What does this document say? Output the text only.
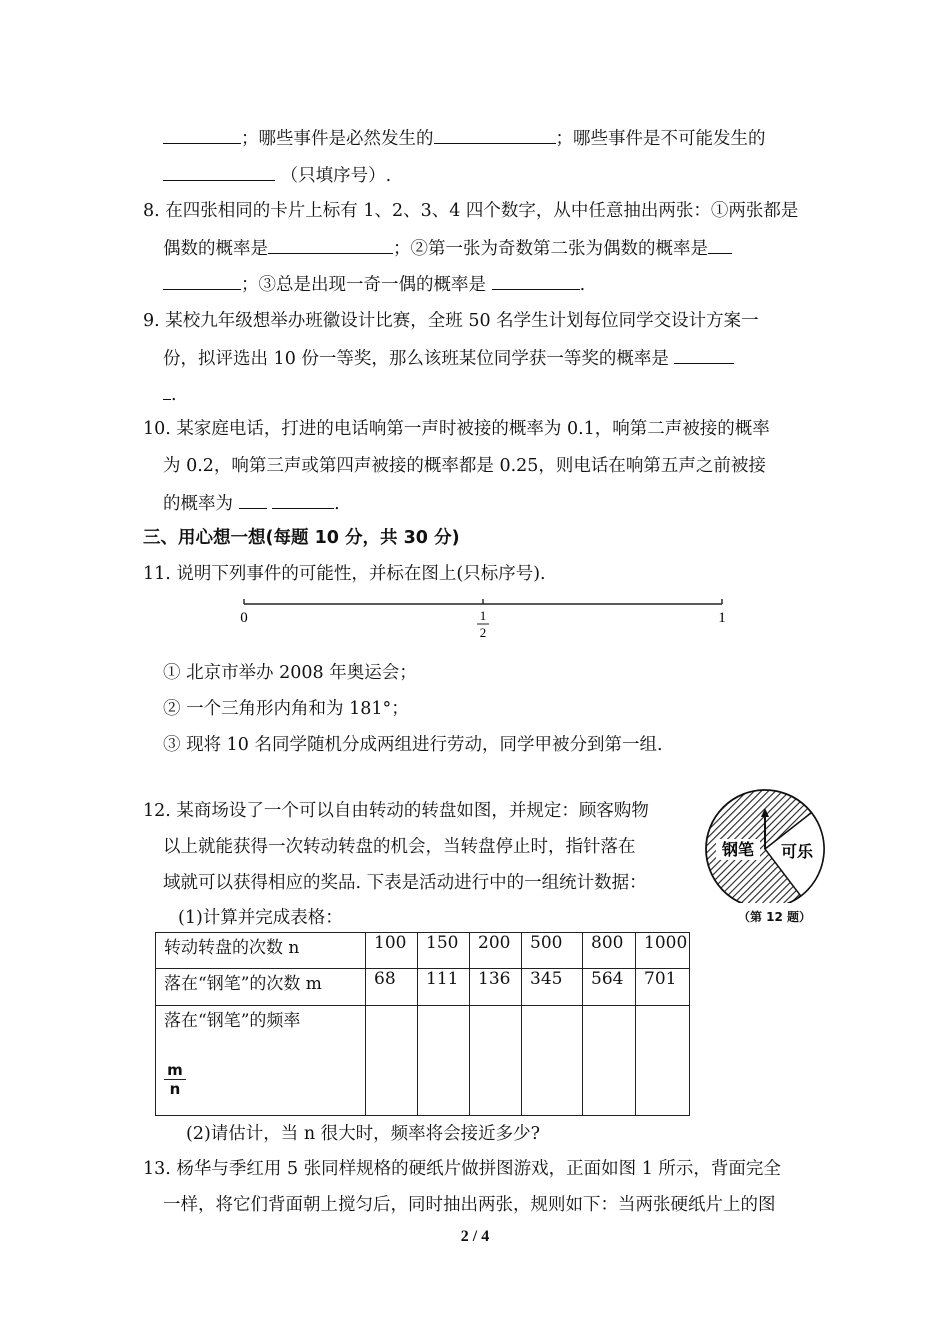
；哪些事件是必然发生的	；哪些事件是不可能发生的
（只填序号）.
8. 在四张相同的卡片上标有 1、2、3、4 四个数字，从中任意抽出两张：①两张都是
偶数的概率是	；②第一张为奇数第二张为偶数的概率是
；③总是出现一奇一偶的概率是	.
9. 某校九年级想举办班徽设计比赛，全班 50 名学生计划每位同学交设计方案一
份，拟评选出 10 份一等奖，那么该班某位同学获一等奖的概率是
.
10. 某家庭电话，打进的电话响第一声时被接的概率为 0.1，响第二声被接的概率
为 0.2，响第三声或第四声被接的概率都是 0.25，则电话在响第五声之前被接
的概率为	.
三、用心想一想(每题 10 分，共 30 分)
11. 说明下列事件的可能性，并标在图上(只标序号).
0	1
2
1
① 北京市举办 2008 年奥运会；
② 一个三角形内角和为 181°；
③ 现将 10 名同学随机分成两组进行劳动，同学甲被分到第一组.
12. 某商场设了一个可以自由转动的转盘如图，并规定：顾客购物
以上就能获得一次转动转盘的机会，当转盘停止时，指针落在
域就可以获得相应的奖品. 下表是活动进行中的一组统计数据：
(1)计算并完成表格：
钢笔 可乐
（第 12 题）
转动转盘的次数 n	100	150	200	500	800	1000
落在“钢笔”的次数 m	68	111	136	345	564	701

落在“钢笔”的频率
m
n						

(2)请估计，当 n 很大时，频率将会接近多少?
13. 杨华与季红用 5 张同样规格的硬纸片做拼图游戏，正面如图 1 所示，背面完全
一样，将它们背面朝上搅匀后，同时抽出两张，规则如下：当两张硬纸片上的图
2 / 4
